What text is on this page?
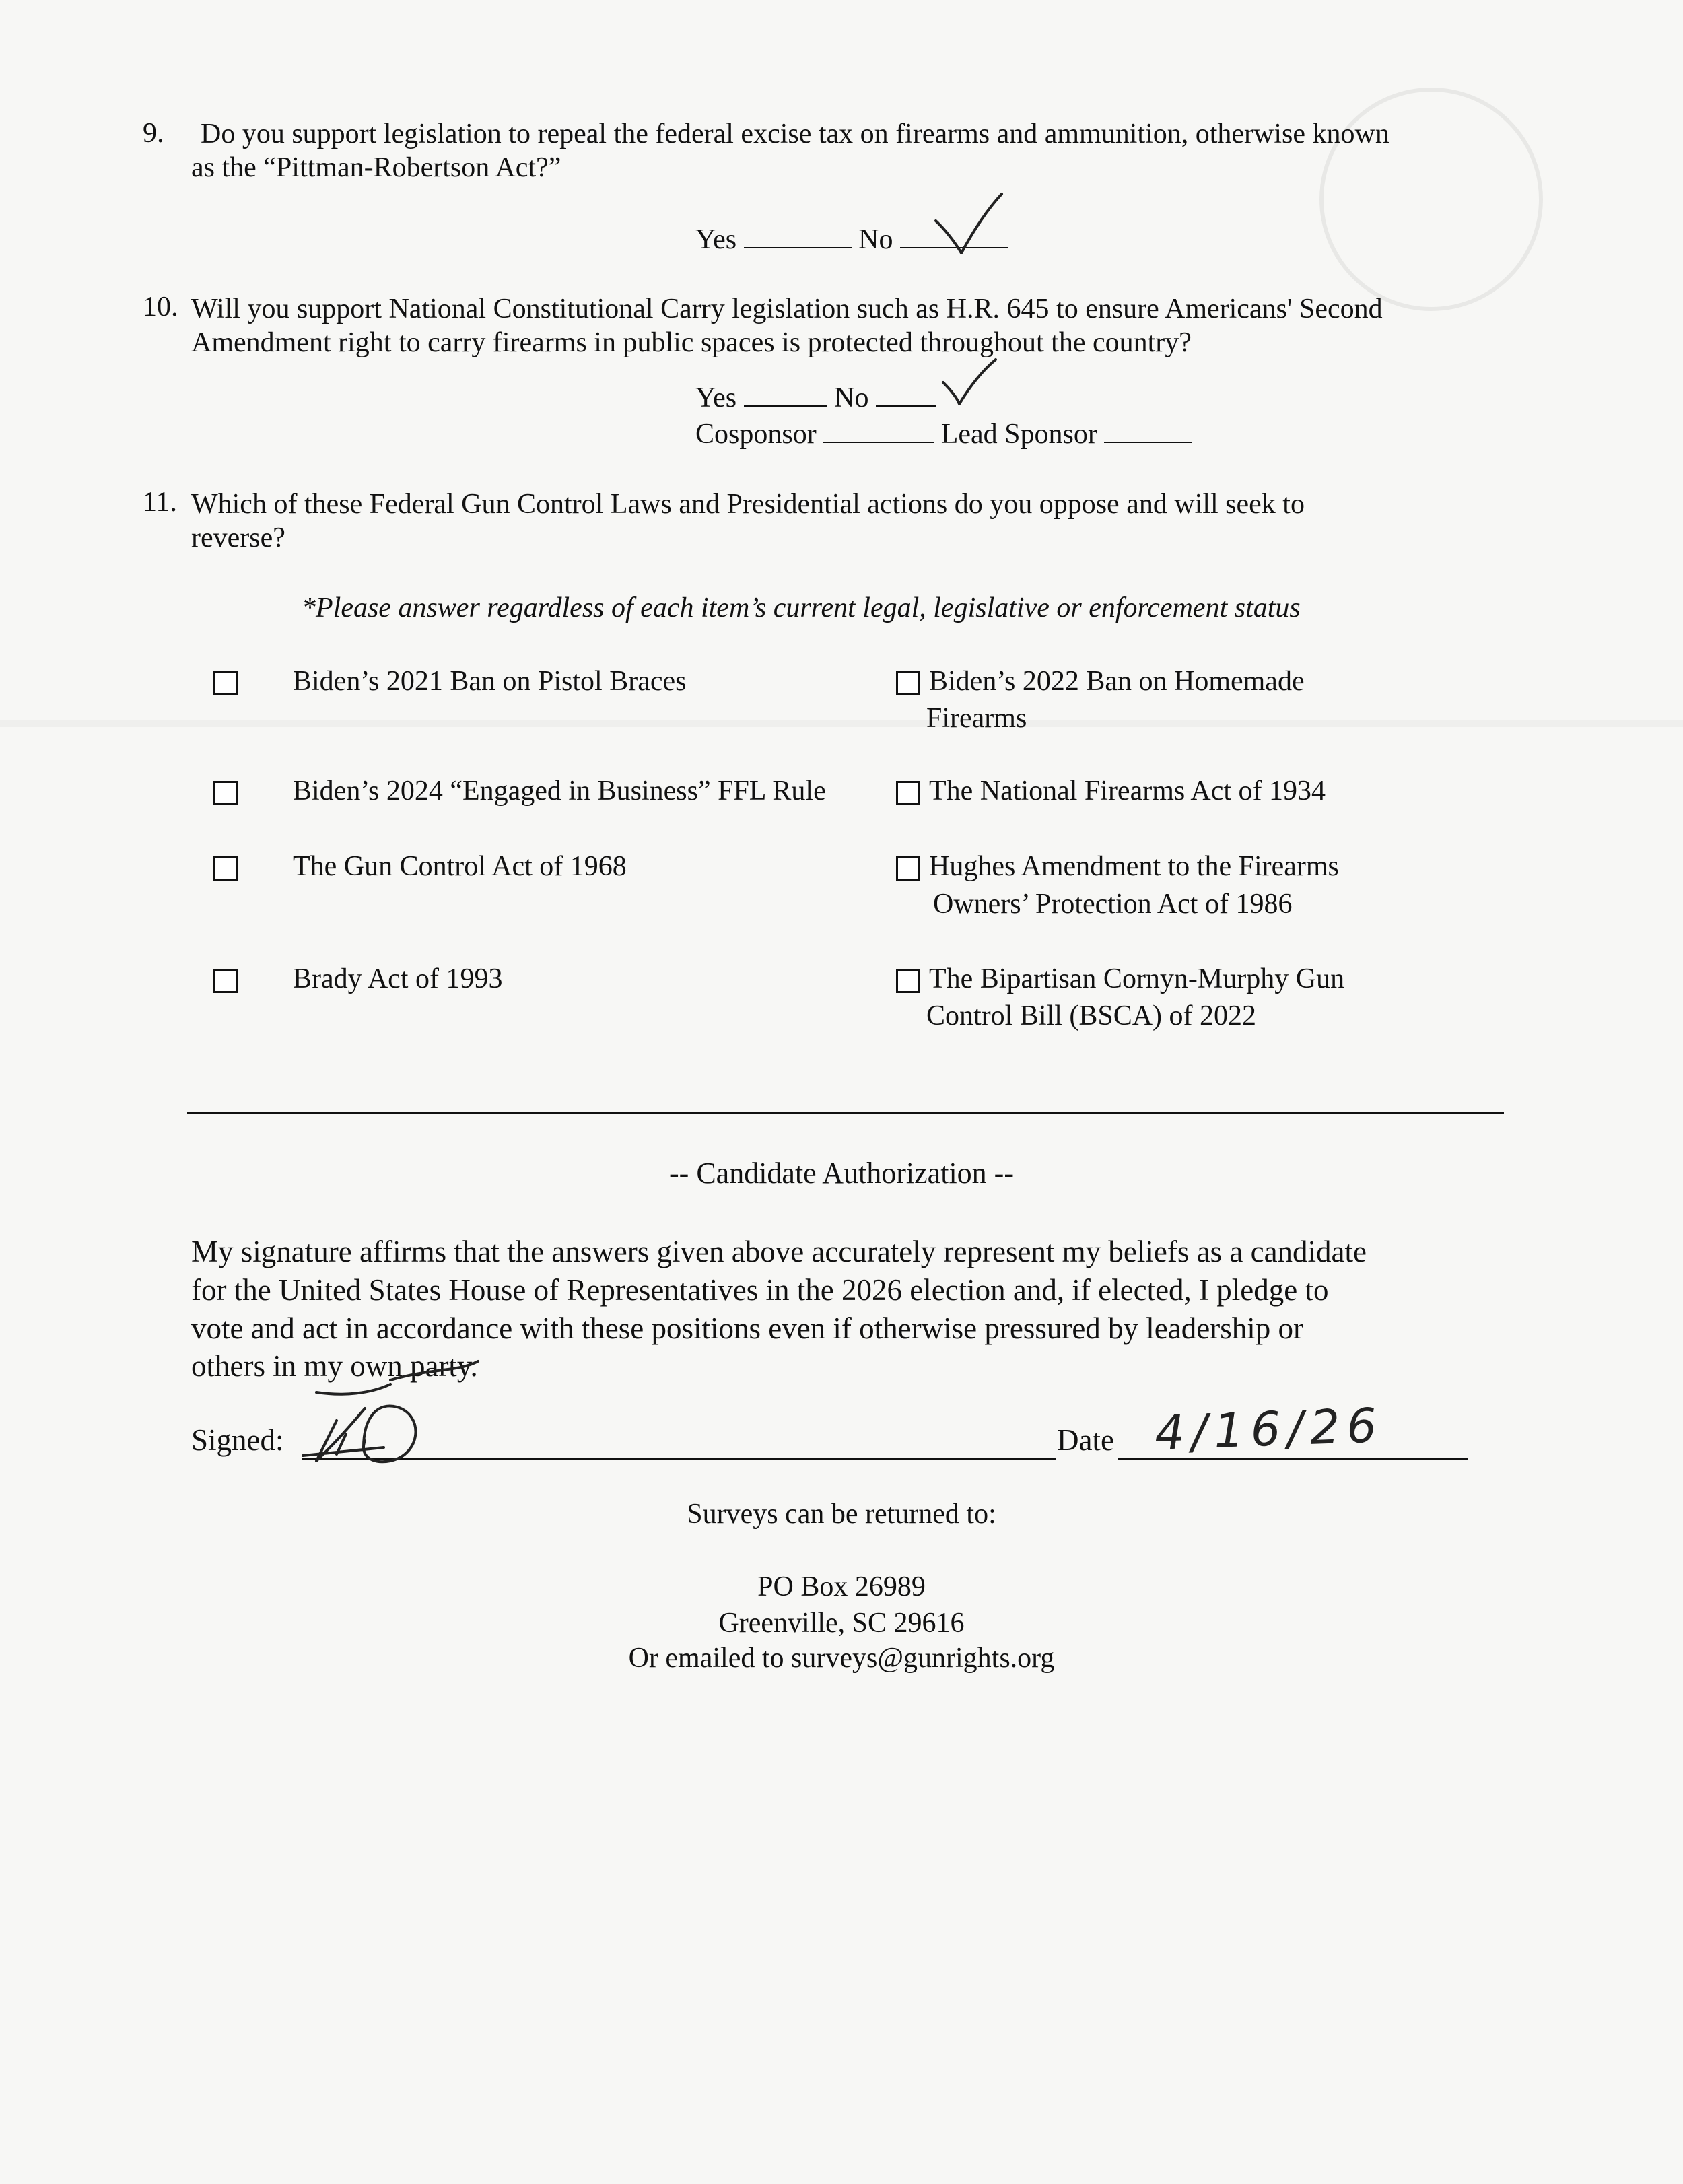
9. Do you support legislation to repeal the federal excise tax on firearms and ammunition, otherwise known
as the “Pittman-Robertson Act?”
Yes	No
10. Will you support National Constitutional Carry legislation such as H.R. 645 to ensure Americans' Second
Amendment right to carry firearms in public spaces is protected throughout the country?
Yes	No
Cosponsor	Lead Sponsor
11. Which of these Federal Gun Control Laws and Presidential actions do you oppose and will seek to
reverse?
*Please answer regardless of each item’s current legal, legislative or enforcement status
Biden’s 2021 Ban on Pistol Braces	Biden’s 2022 Ban on Homemade
Firearms
Biden’s 2024 “Engaged in Business” FFL Rule	The National Firearms Act of 1934
The Gun Control Act of 1968	Hughes Amendment to the Firearms
Owners’ Protection Act of 1986
Brady Act of 1993	The Bipartisan Cornyn-Murphy Gun
Control Bill (BSCA) of 2022
-- Candidate Authorization --
My signature affirms that the answers given above accurately represent my beliefs as a candidate
for the United States House of Representatives in the 2026 election and, if elected, I pledge to
vote and act in accordance with these positions even if otherwise pressured by leadership or
others in my own party.
Signed:	Date 4/16/26
Surveys can be returned to:
PO Box 26989
Greenville, SC 29616
Or emailed to surveys@gunrights.org
